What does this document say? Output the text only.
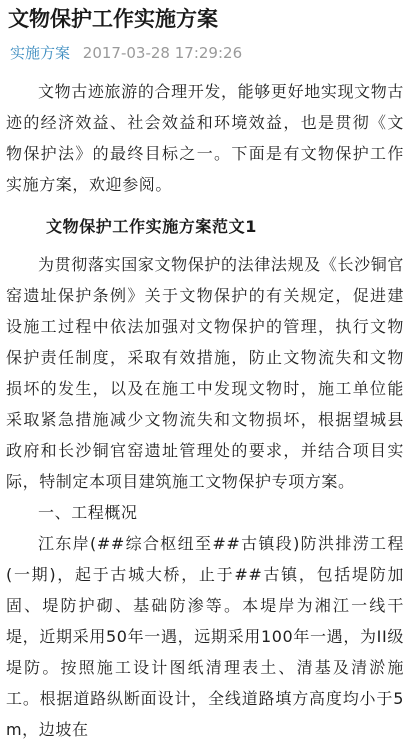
文物保护工作实施方案
实施方案 2017-03-28 17:29:26

文物古迹旅游的合理开发，能够更好地实现文物古迹的经济效益、社会效益和环境效益，也是贯彻《文物保护法》的最终目标之一。下面是有文物保护工作实施方案，欢迎参阅。

文物保护工作实施方案范文1

为贯彻落实国家文物保护的法律法规及《长沙铜官窑遗址保护条例》关于文物保护的有关规定，促进建设施工过程中依法加强对文物保护的管理，执行文物保护责任制度，采取有效措施，防止文物流失和文物损坏的发生，以及在施工中发现文物时，施工单位能采取紧急措施减少文物流失和文物损坏，根据望城县政府和长沙铜官窑遗址管理处的要求，并结合项目实际，特制定本项目建筑施工文物保护专项方案。

一、工程概况

江东岸(##综合枢纽至##古镇段)防洪排涝工程(一期)，起于古城大桥，止于##古镇，包括堤防加固、堤防护砌、基础防渗等。本堤岸为湘江一线干堤，近期采用50年一遇，远期采用100年一遇，为II级堤防。按照施工设计图纸清理表土、清基及清淤施工。根据道路纵断面设计，全线道路填方高度均小于5m，边坡在
